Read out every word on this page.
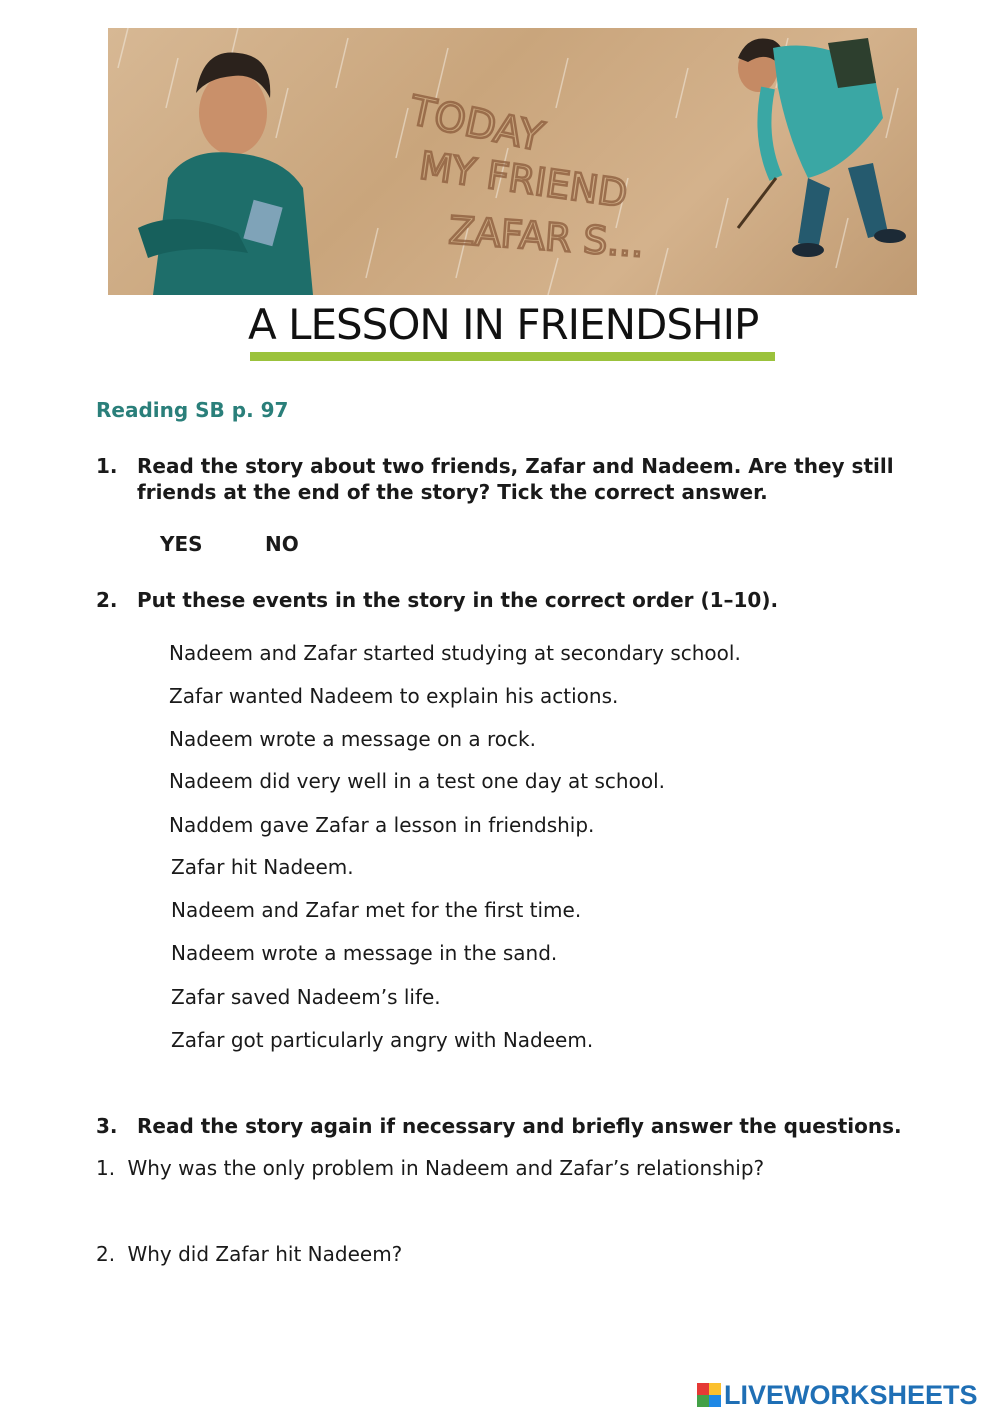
TODAY
MY FRIEND
ZAFAR S...
A LESSON IN FRIENDSHIP
Reading SB p. 97
1. Read the story about two friends, Zafar and Nadeem. Are they still
friends at the end of the story? Tick the correct answer.
YES	NO
2. Put these events in the story in the correct order (1–10).
Nadeem and Zafar started studying at secondary school.
Zafar wanted Nadeem to explain his actions.
Nadeem wrote a message on a rock.
Nadeem did very well in a test one day at school.
Naddem gave Zafar a lesson in friendship.
Zafar hit Nadeem.
Nadeem and Zafar met for the first time.
Nadeem wrote a message in the sand.
Zafar saved Nadeem’s life.
Zafar got particularly angry with Nadeem.
3. Read the story again if necessary and briefly answer the questions.
1. Why was the only problem in Nadeem and Zafar’s relationship?
2. Why did Zafar hit Nadeem?
LIVEWORKSHEETS
